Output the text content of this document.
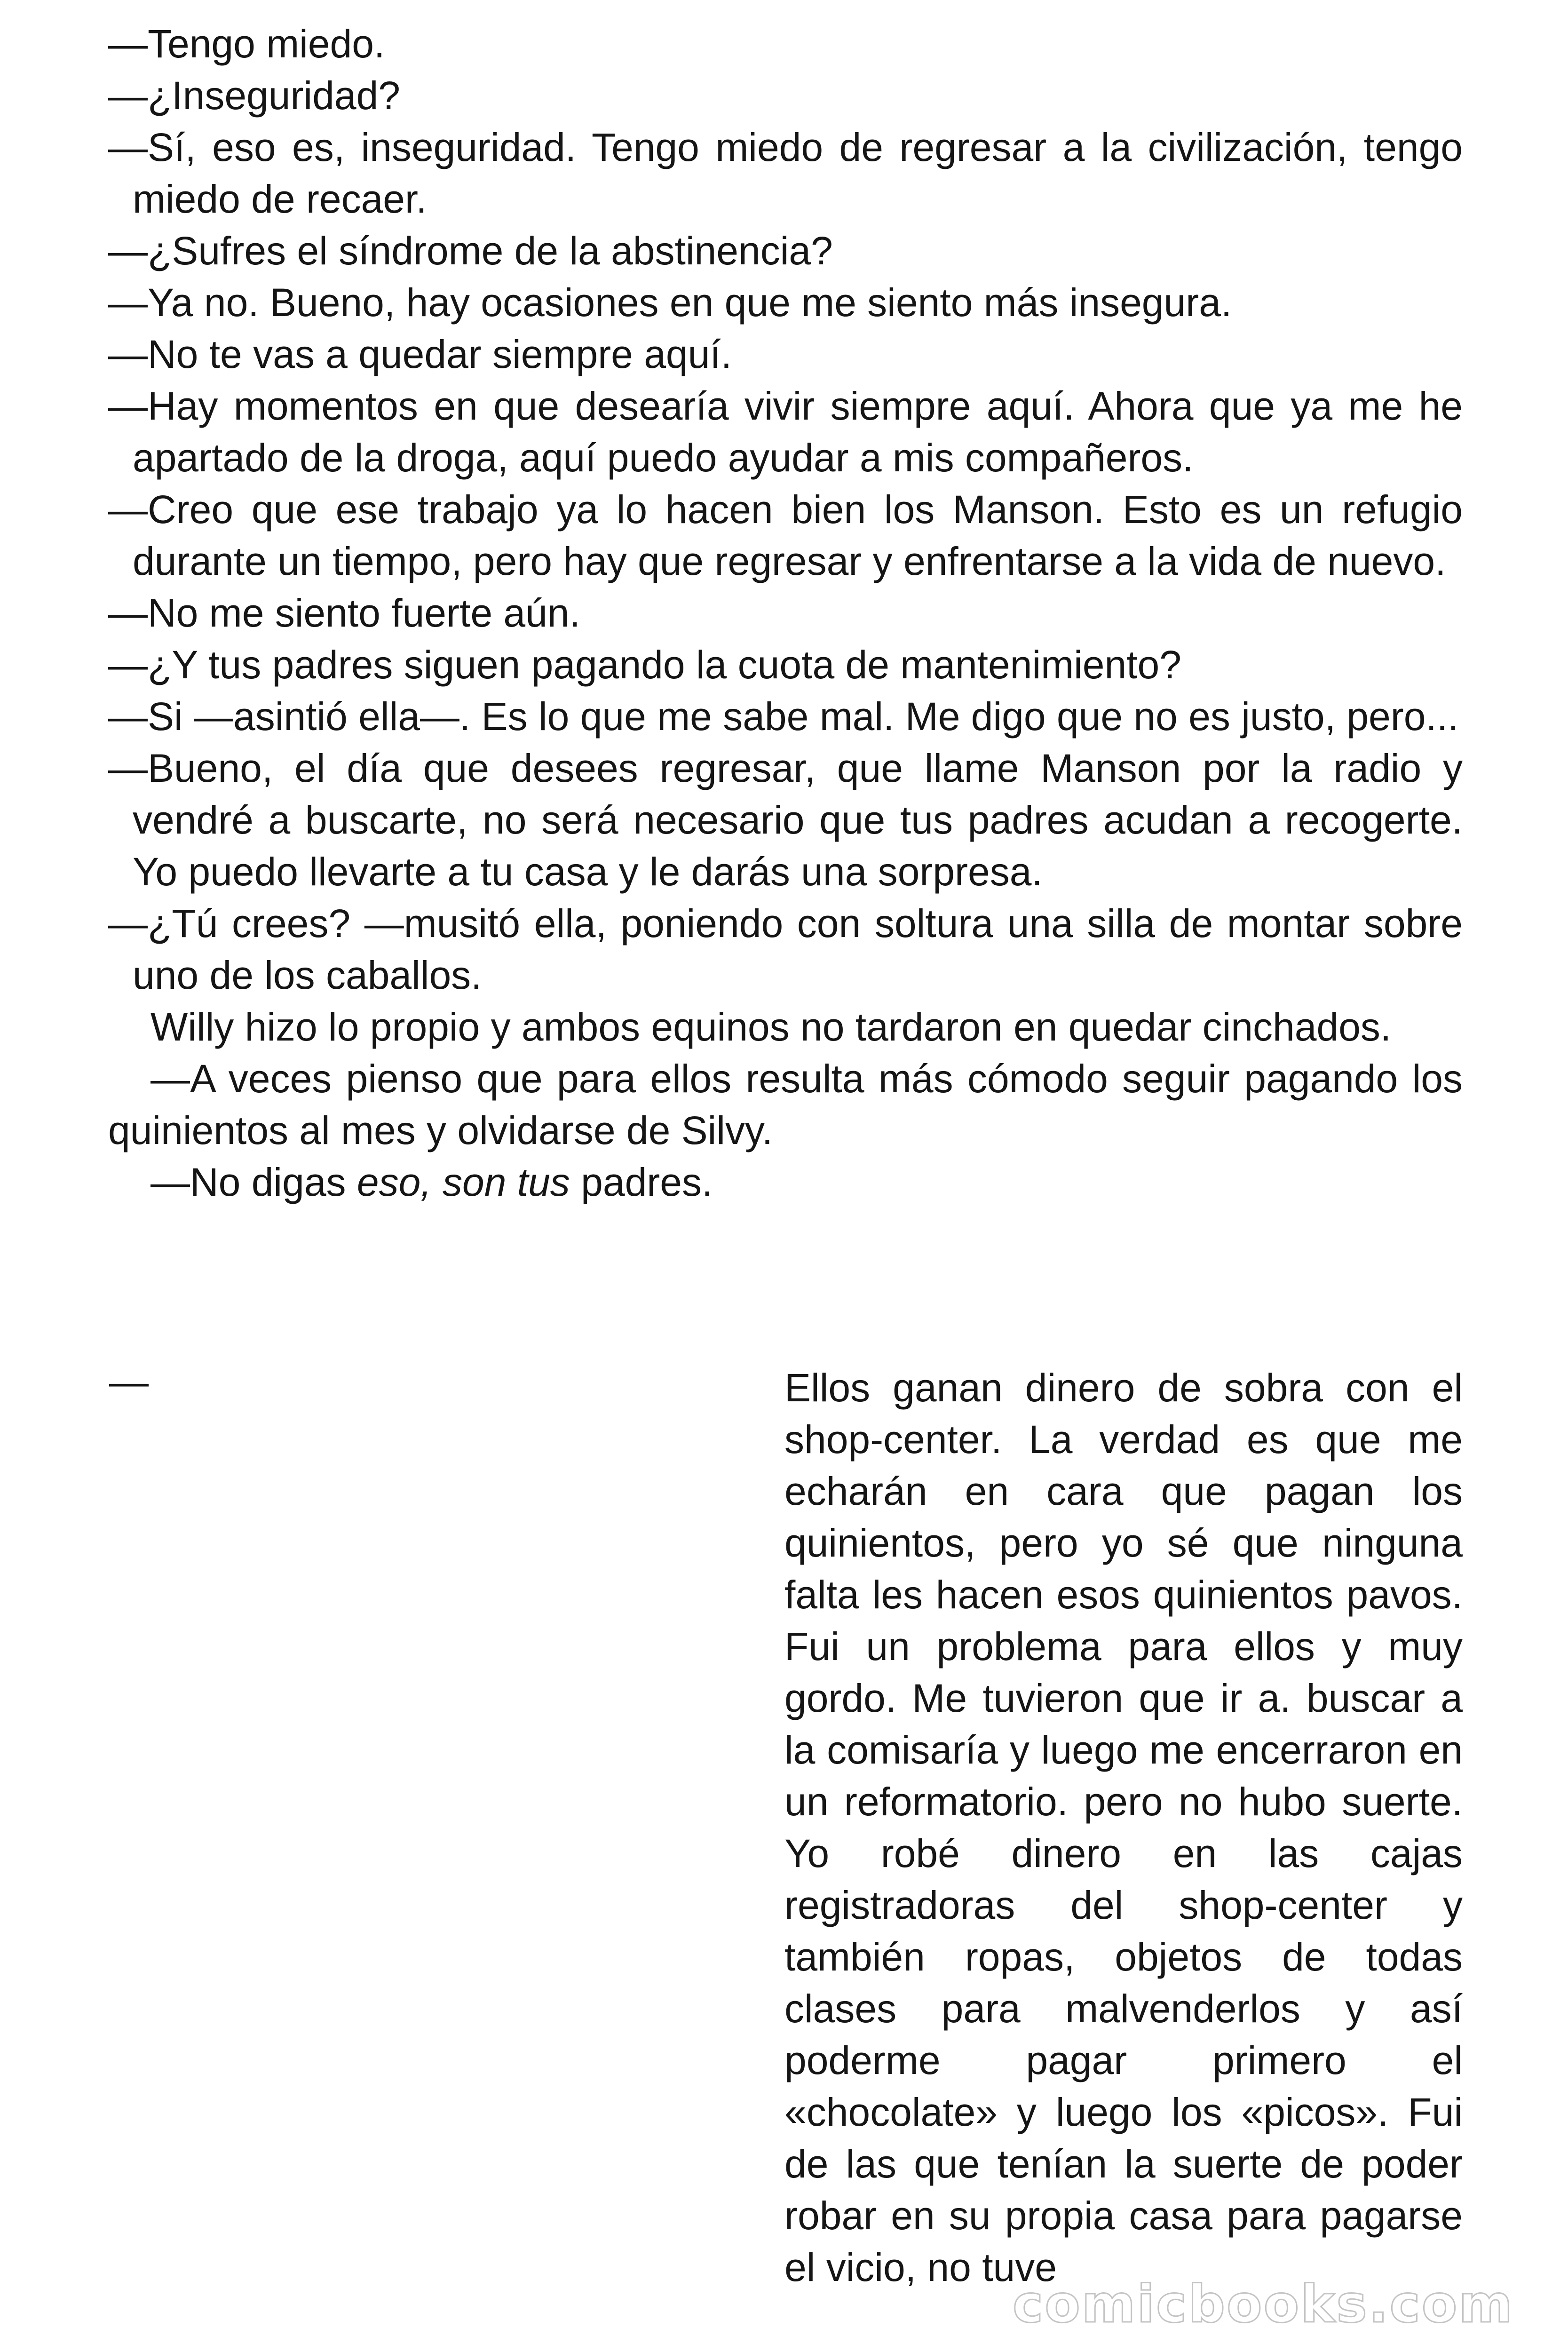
—Tengo miedo.

—¿Inseguridad?

—Sí, eso es, inseguridad. Tengo miedo de regresar a la civilización, tengo miedo de recaer.

—¿Sufres el síndrome de la abstinencia?

—Ya no. Bueno, hay ocasiones en que me siento más insegura.

—No te vas a quedar siempre aquí.

—Hay momentos en que desearía vivir siempre aquí. Ahora que ya me he apartado de la droga, aquí puedo ayudar a mis compañeros.

—Creo que ese trabajo ya lo hacen bien los Manson. Esto es un refugio durante un tiempo, pero hay que regresar y enfrentarse a la vida de nuevo.

—No me siento fuerte aún.

—¿Y tus padres siguen pagando la cuota de mantenimiento?

—Si —asintió ella—. Es lo que me sabe mal. Me digo que no es justo, pero...

—Bueno, el día que desees regresar, que llame Manson por la radio y vendré a buscarte, no será necesario que tus padres acudan a recogerte. Yo puedo llevarte a tu casa y le darás una sorpresa.

—¿Tú crees? —musitó ella, poniendo con soltura una silla de montar sobre uno de los caballos.

Willy hizo lo propio y ambos equinos no tardaron en quedar cinchados.

—A veces pienso que para ellos resulta más cómodo seguir pagando los quinientos al mes y olvidarse de Silvy.

—No digas eso, son tus padres.

—	Ellos ganan dinero de sobra con el shop-center. La verdad es que me echarán en cara que pagan los quinientos, pero yo sé que ninguna falta les hacen esos quinientos pavos. Fui un problema para ellos y muy gordo. Me tuvieron que ir a. buscar a la comisaría y luego me encerraron en un reformatorio. pero no hubo suerte. Yo robé dinero en las cajas registradoras del shop-center y también ropas, objetos de todas clases para malvenderlos y así poderme pagar primero el «chocolate» y luego los «picos». Fui de las que tenían la suerte de poder robar en su propia casa para pagarse el vicio, no tuve

comicbooks.com
